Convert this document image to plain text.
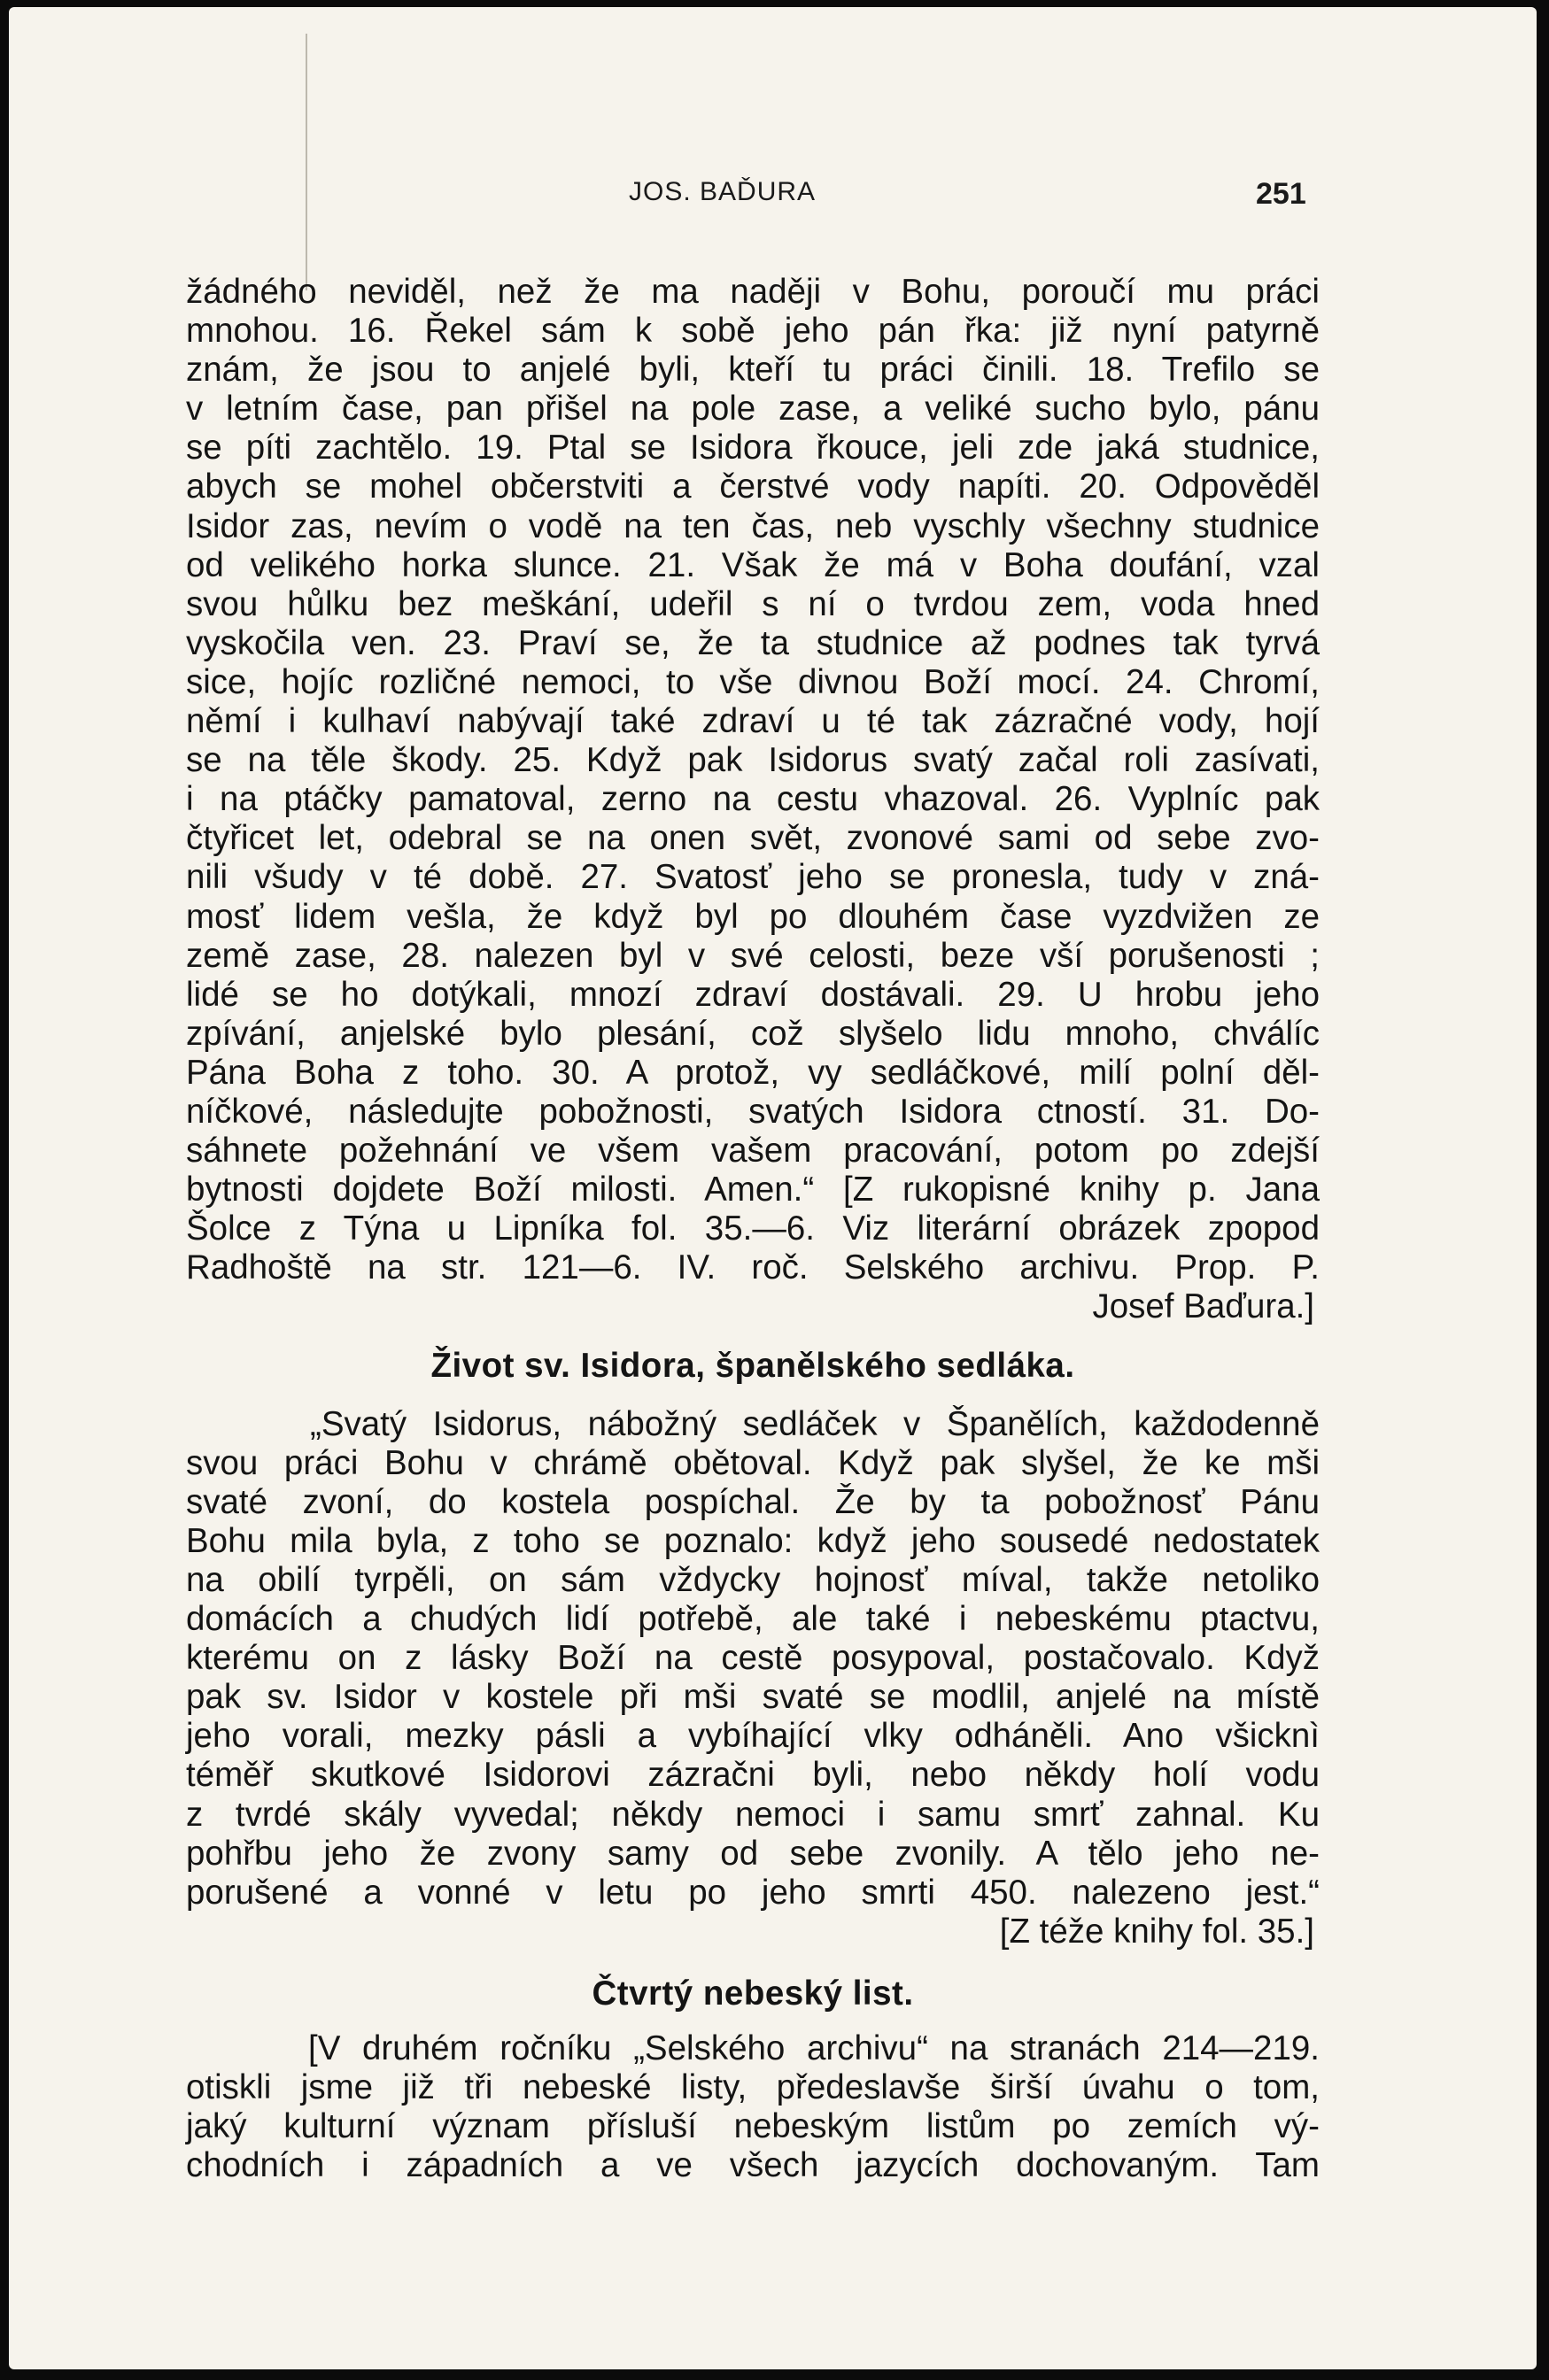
JOS. BAĎURA	251
žádného neviděl, než že ma naději v Bohu, poroučí mu práci
mnohou. 16. Řekel sám k sobě jeho pán řka: již nyní patyrně
znám, že jsou to anjelé byli, kteří tu práci činili. 18. Trefilo se
v letním čase, pan přišel na pole zase, a veliké sucho bylo, pánu
se píti zachtělo. 19. Ptal se Isidora řkouce, jeli zde jaká studnice,
abych se mohel občerstviti a čerstvé vody napíti. 20. Odpověděl
Isidor zas, nevím o vodě na ten čas, neb vyschly všechny studnice
od velikého horka slunce. 21. Však že má v Boha doufání, vzal
svou hůlku bez meškání, udeřil s ní o tvrdou zem, voda hned
vyskočila ven. 23. Praví se, že ta studnice až podnes tak tyrvá
sice, hojíc rozličné nemoci, to vše divnou Boží mocí. 24. Chromí,
němí i kulhaví nabývají také zdraví u té tak zázračné vody, hojí
se na těle škody. 25. Když pak Isidorus svatý začal roli zasívati,
i na ptáčky pamatoval, zerno na cestu vhazoval. 26. Vyplníc pak
čtyřicet let, odebral se na onen svět, zvonové sami od sebe zvo-
nili všudy v té době. 27. Svatosť jeho se pronesla, tudy v zná-
mosť lidem vešla, že když byl po dlouhém čase vyzdvižen ze
země zase, 28. nalezen byl v své celosti, beze vší porušenosti ;
lidé se ho dotýkali, mnozí zdraví dostávali. 29. U hrobu jeho
zpívání, anjelské bylo plesání, což slyšelo lidu mnoho, chválíc
Pána Boha z toho. 30. A protož, vy sedláčkové, milí polní děl-
níčkové, následujte pobožnosti, svatých Isidora ctností. 31. Do-
sáhnete požehnání ve všem vašem pracování, potom po zdejší
bytnosti dojdete Boží milosti. Amen.“ [Z rukopisné knihy p. Jana
Šolce z Týna u Lipníka fol. 35.—6. Viz literární obrázek zpopod
Radhoště na str. 121—6. IV. roč. Selského archivu. Prop. P.
Josef Baďura.]
Život sv. Isidora, španělského sedláka.
„Svatý Isidorus, nábožný sedláček v Španělích, každodenně
svou práci Bohu v chrámě obětoval. Když pak slyšel, že ke mši
svaté zvoní, do kostela pospíchal. Že by ta pobožnosť Pánu
Bohu mila byla, z toho se poznalo: když jeho sousedé nedostatek
na obilí tyrpěli, on sám vždycky hojnosť míval, takže netoliko
domácích a chudých lidí potřebě, ale také i nebeskému ptactvu,
kterému on z lásky Boží na cestě posypoval, postačovalo. Když
pak sv. Isidor v kostele při mši svaté se modlil, anjelé na místě
jeho vorali, mezky pásli a vybíhající vlky odháněli. Ano všicknì
téměř skutkové Isidorovi zázračni byli, nebo někdy holí vodu
z tvrdé skály vyvedal; někdy nemoci i samu smrť zahnal. Ku
pohřbu jeho že zvony samy od sebe zvonily. A tělo jeho ne-
porušené a vonné v letu po jeho smrti 450. nalezeno jest.“
[Z téže knihy fol. 35.]
Čtvrtý nebeský list.
[V druhém ročníku „Selského archivu“ na stranách 214—219.
otiskli jsme již tři nebeské listy, předeslavše širší úvahu o tom,
jaký kulturní význam přísluší nebeským listům po zemích vý-
chodních i západních a ve všech jazycích dochovaným. Tam
